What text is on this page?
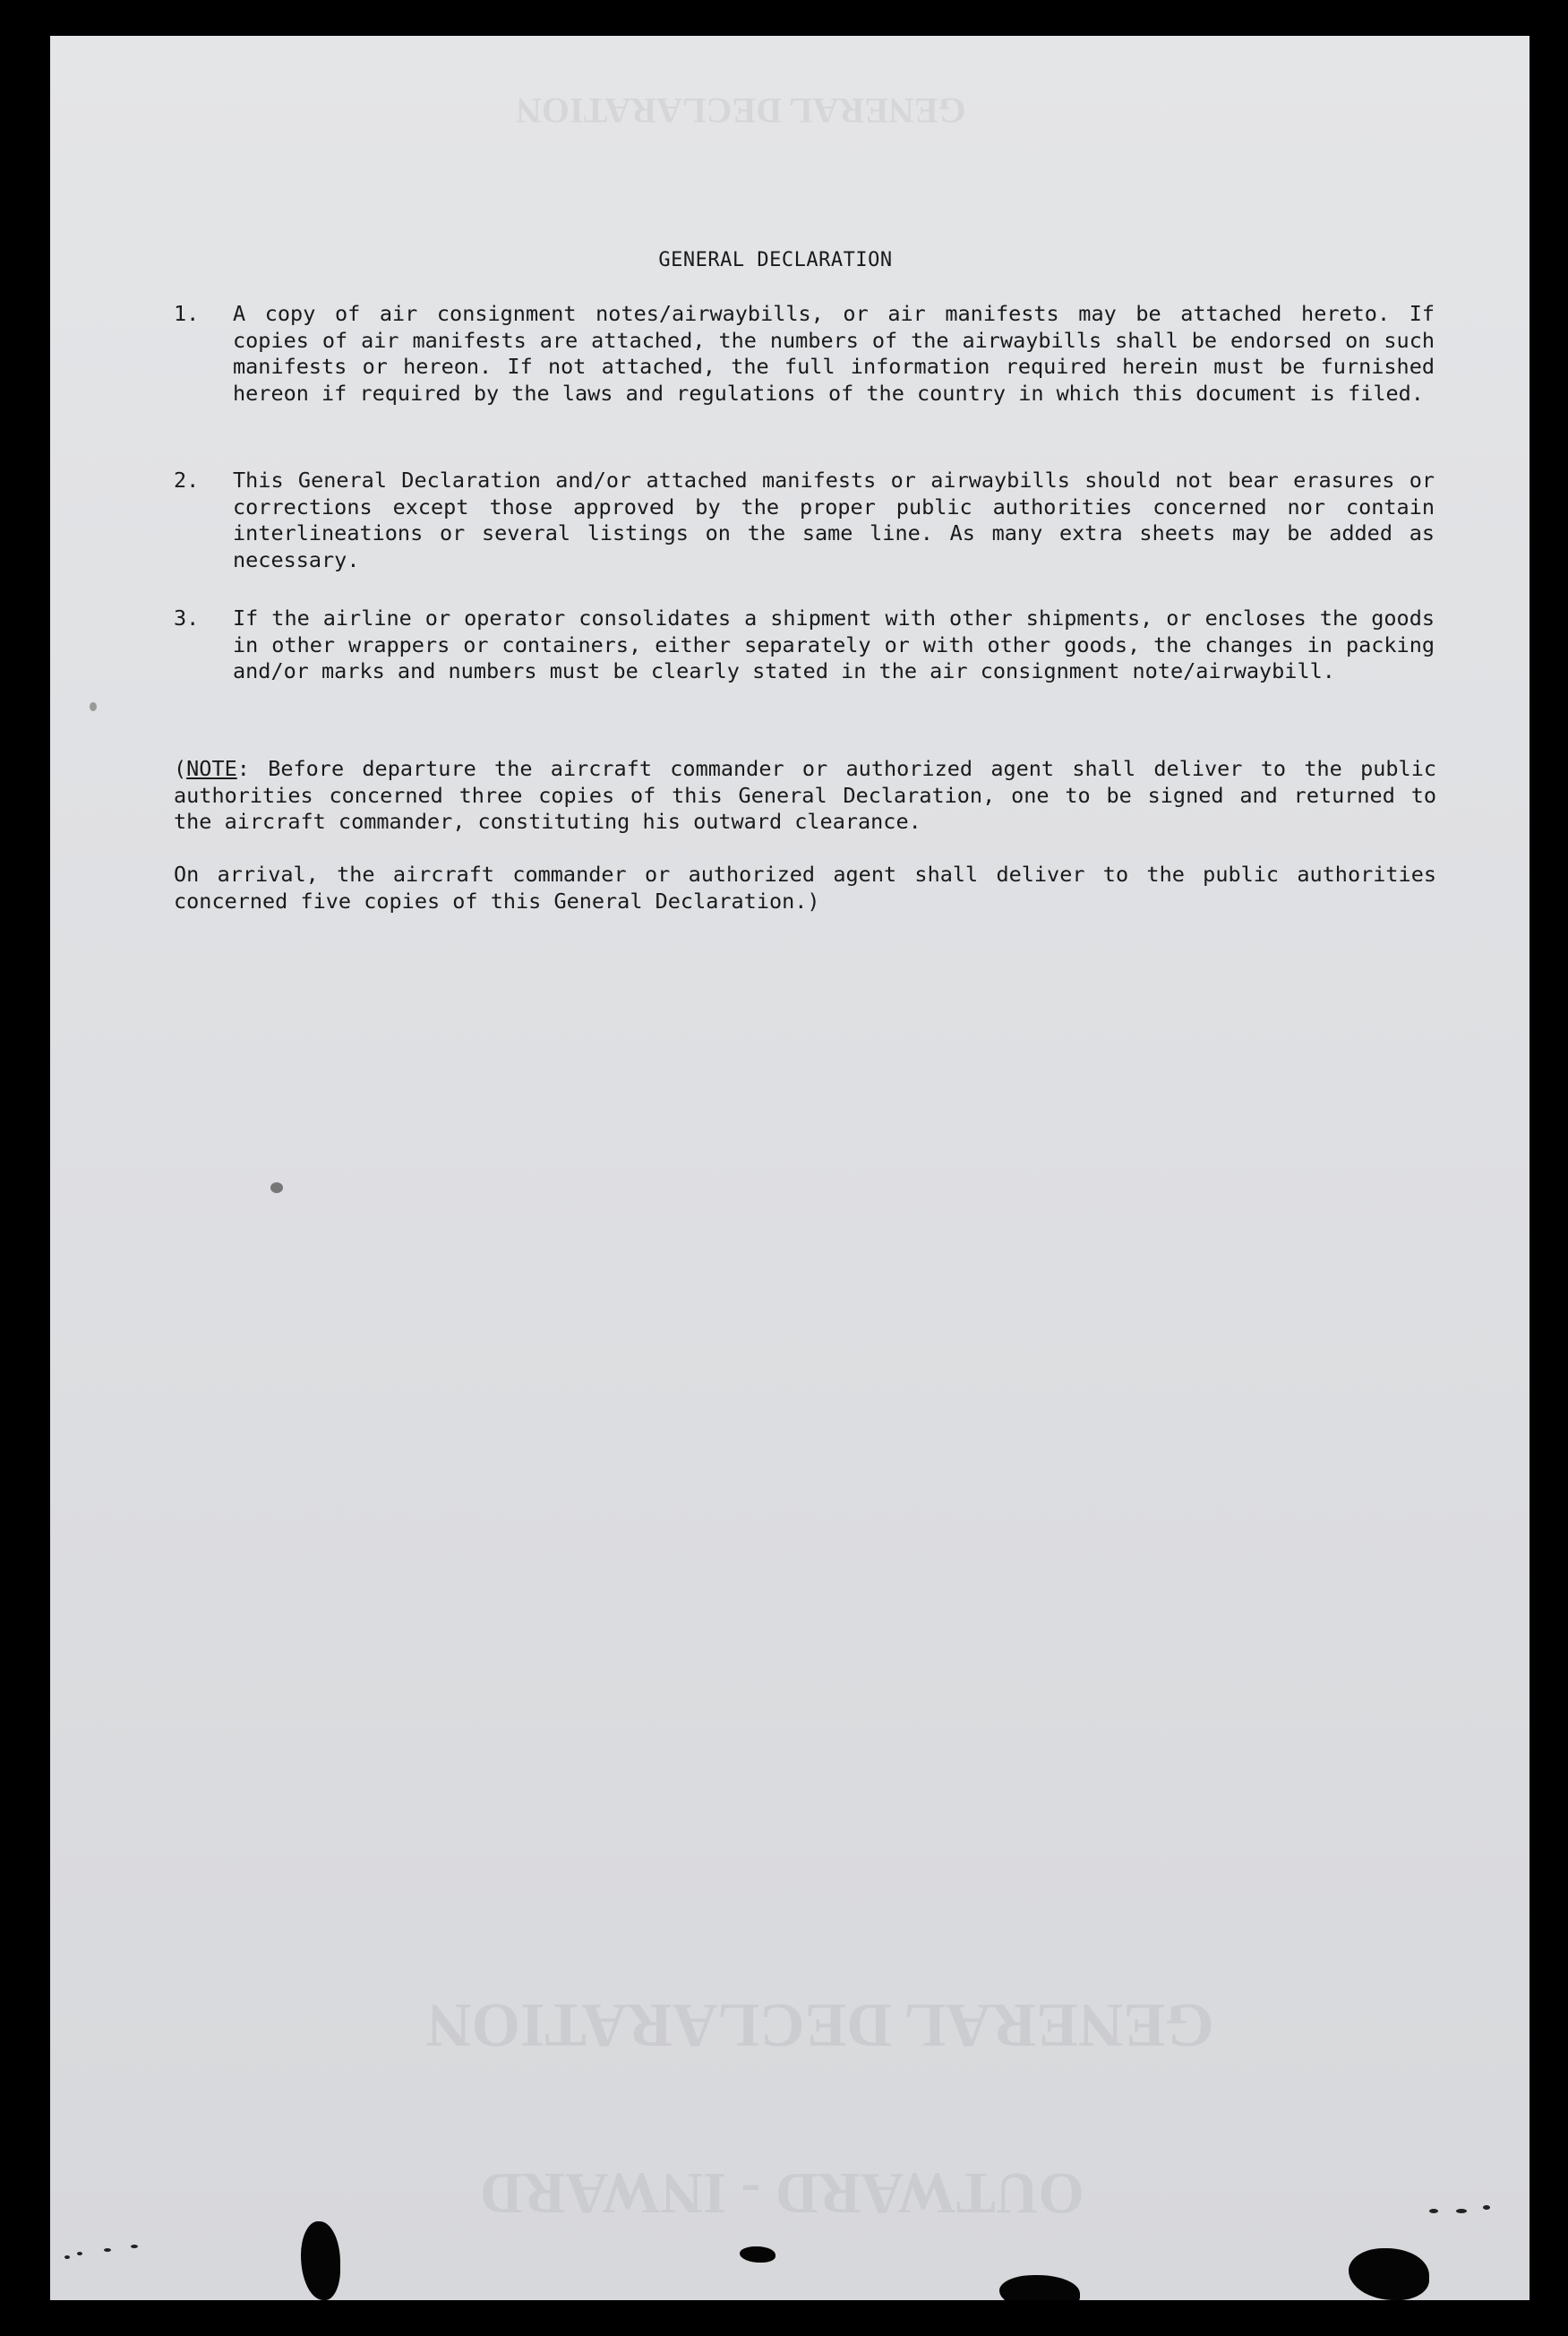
GENERAL DECLARATION
GENERAL DECLARATION
OUTWARD - INWARD
GENERAL DECLARATION
1.	A copy of air consignment notes/airwaybills, or air manifests may be attached hereto. If copies of air manifests are attached, the numbers of the airwaybills shall be endorsed on such manifests or hereon. If not attached, the full information required herein must be furnished hereon if required by the laws and regulations of the country in which this document is filed.
2.	This General Declaration and/or attached manifests or airwaybills should not bear erasures or corrections except those approved by the proper public authorities concerned nor contain interlineations or several listings on the same line. As many extra sheets may be added as necessary.
3.	If the airline or operator consolidates a shipment with other shipments, or encloses the goods in other wrappers or containers, either separately or with other goods, the changes in packing and/or marks and numbers must be clearly stated in the air consignment note/airwaybill.
(NOTE: Before departure the aircraft commander or authorized agent shall deliver to the public authorities concerned three copies of this General Declaration, one to be signed and returned to the aircraft commander, constituting his outward clearance.
On arrival, the aircraft commander or authorized agent shall deliver to the public authorities concerned five copies of this General Declaration.)
